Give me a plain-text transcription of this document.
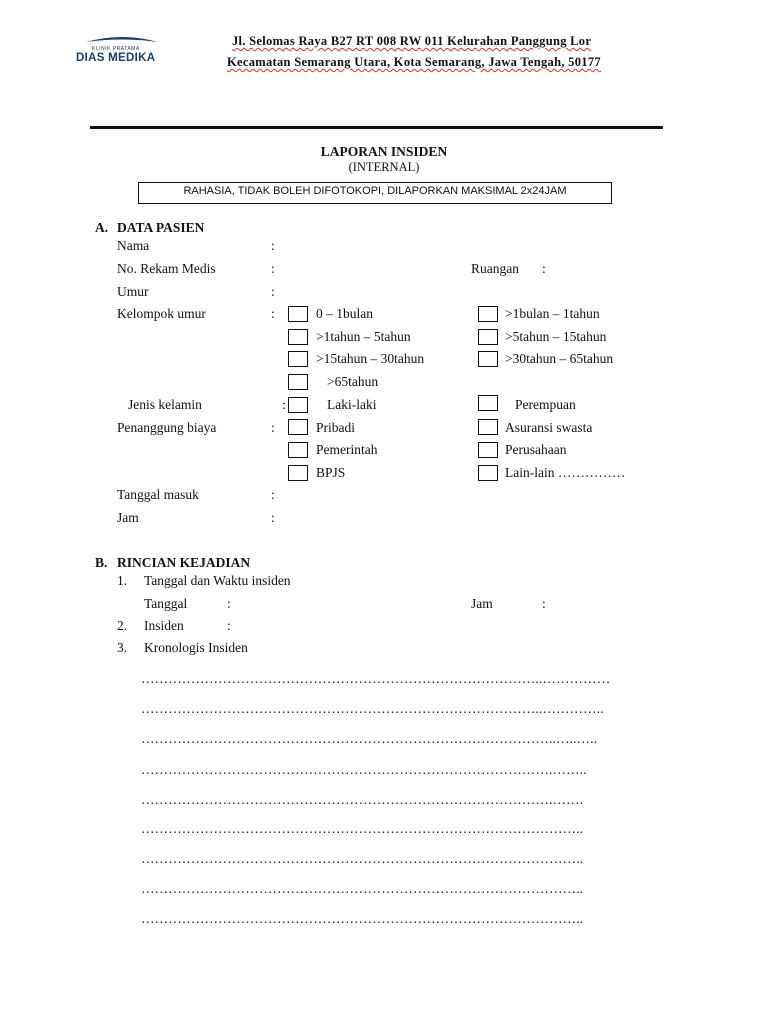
KLINIK PRATAMA
DIAS MEDIKA
Jl. Selomas Raya B27 RT 008 RW 011 Kelurahan Panggung Lor
Kecamatan Semarang Utara, Kota Semarang, Jawa Tengah, 50177
LAPORAN INSIDEN
(INTERNAL)
RAHASIA, TIDAK BOLEH DIFOTOKOPI, DILAPORKAN MAKSIMAL 2x24JAM
A. DATA PASIEN
Nama	:
No. Rekam Medis	:	Ruangan :
Umur	:
Kelompok umur	:	0 – 1bulan	>1bulan – 1tahun
>1tahun – 5tahun	>5tahun – 15tahun
>15tahun – 30tahun	>30tahun – 65tahun
>65tahun
Jenis kelamin	:	Laki-laki	Perempuan
Penanggung biaya	:	Pribadi	Asuransi swasta
Pemerintah	Perusahaan
BPJS	Lain-lain ……………
Tanggal masuk	:
Jam	:
B. RINCIAN KEJADIAN
1. Tanggal dan Waktu insiden
Tanggal	:	Jam	:
2. Insiden	:
3. Kronologis Insiden
……………………………………………………………………………..……………
……………………………………………………………………………..…………..
………………………………………………………………………………..…..…..
……………………………………………………………………………….……..
……………………………………………………………………………….…….
……………………………………………………………………………………..
……………………………………………………………………………………..
……………………………………………………………………………………..
……………………………………………………………………………………..
